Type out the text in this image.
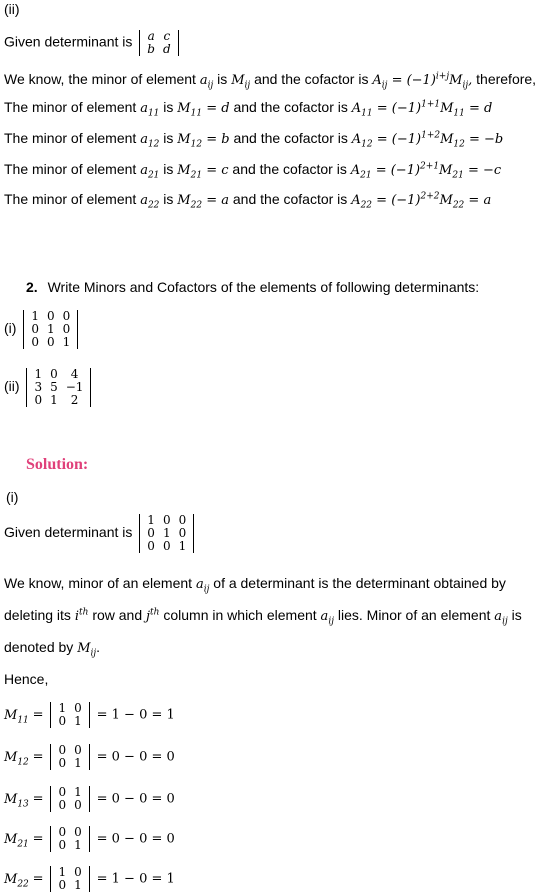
(ii)
Given determinant is a	c
b	d
We know, the minor of element $a_{ij}$ is $M_{ij}$ and the cofactor is $A_{ij} = (-1)^{i+j}M_{ij}$, therefore,
The minor of element $a_{11}$ is $M_{11} = d$ and the cofactor is $A_{11} = (-1)^{1+1}M_{11} = d$
The minor of element $a_{12}$ is $M_{12} = b$ and the cofactor is $A_{12} = (-1)^{1+2}M_{12} = -b$
The minor of element $a_{21}$ is $M_{21} = c$ and the cofactor is $A_{21} = (-1)^{2+1}M_{21} = -c$
The minor of element $a_{22}$ is $M_{22} = a$ and the cofactor is $A_{22} = (-1)^{2+2}M_{22} = a$
2. Write Minors and Cofactors of the elements of following determinants:
(i)
1	0	0
0	1	0
0	0	1
(ii)
1	0	4
3	5	−1
0	1	2
Solution:
(i)
Given determinant is
1	0	0
0	1	0
0	0	1
We know, minor of an element $a_{ij}$ of a determinant is the determinant obtained by
deleting its $i^{th}$ row and $j^{th}$ column in which element $a_{ij}$ lies. Minor of an element $a_{ij}$ is
denoted by $M_{ij}$.
Hence,
$M_{11} = 1$	0
0	1 = 1 − 0 = 1
$M_{12} = 0$	0
0	1 = 0 − 0 = 0
$M_{13} = 0$	1
0	0 = 0 − 0 = 0
$M_{21} = 0$	0
0	1 = 0 − 0 = 0
$M_{22} = 1$	0
0	1 = 1 − 0 = 1
